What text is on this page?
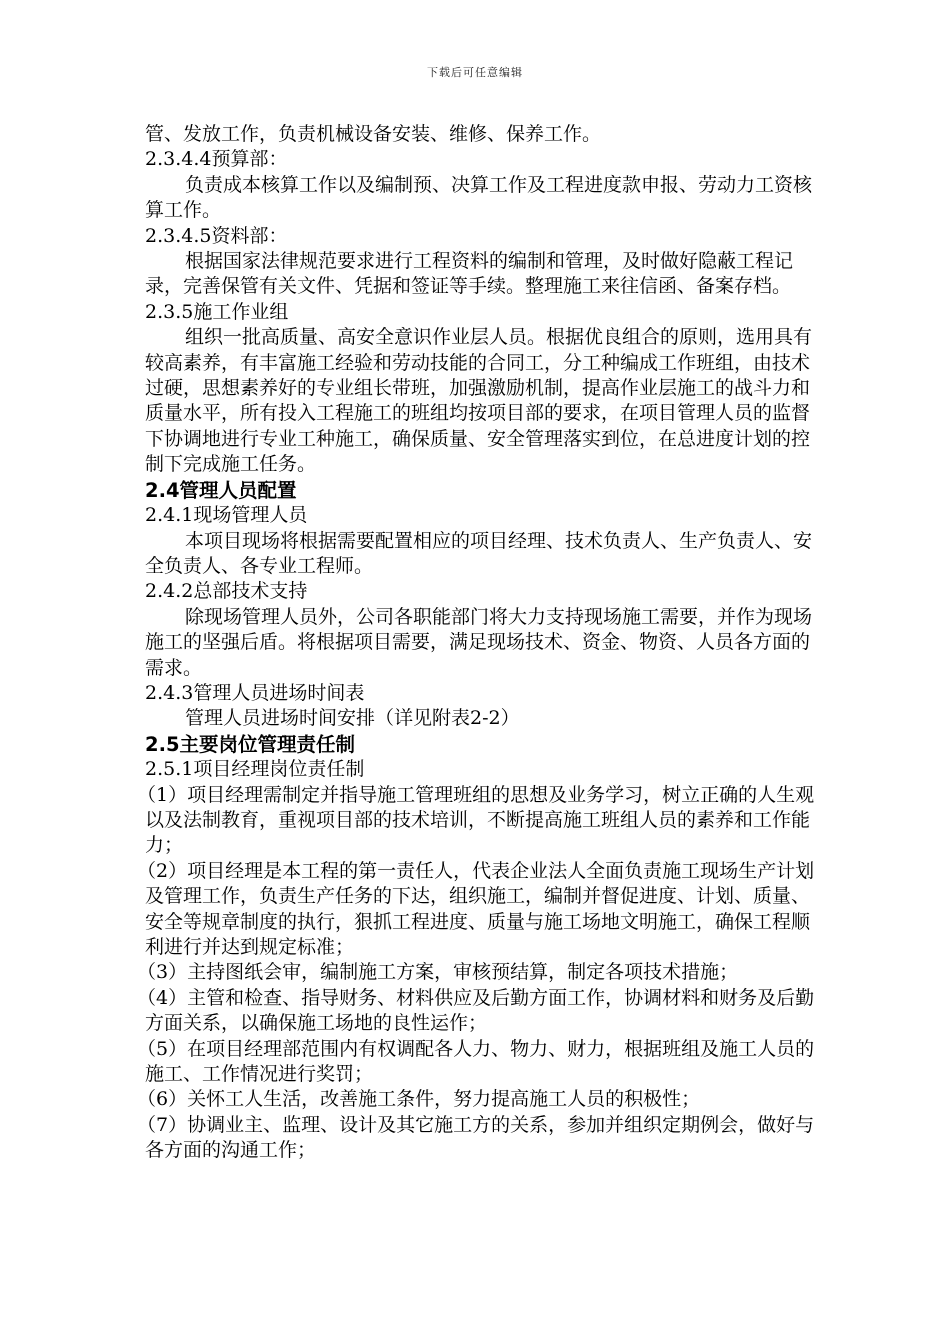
下载后可任意编辑

管、发放工作，负责机械设备安装、维修、保养工作。

2.3.4.4预算部：

负责成本核算工作以及编制预、决算工作及工程进度款申报、劳动力工资核算工作。

2.3.4.5资料部：

根据国家法律规范要求进行工程资料的编制和管理，及时做好隐蔽工程记录，完善保管有关文件、凭据和签证等手续。整理施工来往信函、备案存档。

2.3.5施工作业组

组织一批高质量、高安全意识作业层人员。根据优良组合的原则，选用具有较高素养，有丰富施工经验和劳动技能的合同工，分工种编成工作班组，由技术过硬，思想素养好的专业组长带班，加强激励机制，提高作业层施工的战斗力和质量水平，所有投入工程施工的班组均按项目部的要求，在项目管理人员的监督下协调地进行专业工种施工，确保质量、安全管理落实到位，在总进度计划的控制下完成施工任务。

2.4管理人员配置

2.4.1现场管理人员

本项目现场将根据需要配置相应的项目经理、技术负责人、生产负责人、安全负责人、各专业工程师。

2.4.2总部技术支持

除现场管理人员外，公司各职能部门将大力支持现场施工需要，并作为现场施工的坚强后盾。将根据项目需要，满足现场技术、资金、物资、人员各方面的需求。

2.4.3管理人员进场时间表

管理人员进场时间安排（详见附表2-2）

2.5主要岗位管理责任制

2.5.1项目经理岗位责任制

（1）项目经理需制定并指导施工管理班组的思想及业务学习，树立正确的人生观以及法制教育，重视项目部的技术培训，不断提高施工班组人员的素养和工作能力；

（2）项目经理是本工程的第一责任人，代表企业法人全面负责施工现场生产计划及管理工作，负责生产任务的下达，组织施工，编制并督促进度、计划、质量、安全等规章制度的执行，狠抓工程进度、质量与施工场地文明施工，确保工程顺利进行并达到规定标准；

（3）主持图纸会审，编制施工方案，审核预结算，制定各项技术措施；

（4）主管和检查、指导财务、材料供应及后勤方面工作，协调材料和财务及后勤方面关系，以确保施工场地的良性运作；

（5）在项目经理部范围内有权调配各人力、物力、财力，根据班组及施工人员的施工、工作情况进行奖罚；

（6）关怀工人生活，改善施工条件，努力提高施工人员的积极性；

（7）协调业主、监理、设计及其它施工方的关系，参加并组织定期例会，做好与各方面的沟通工作；
